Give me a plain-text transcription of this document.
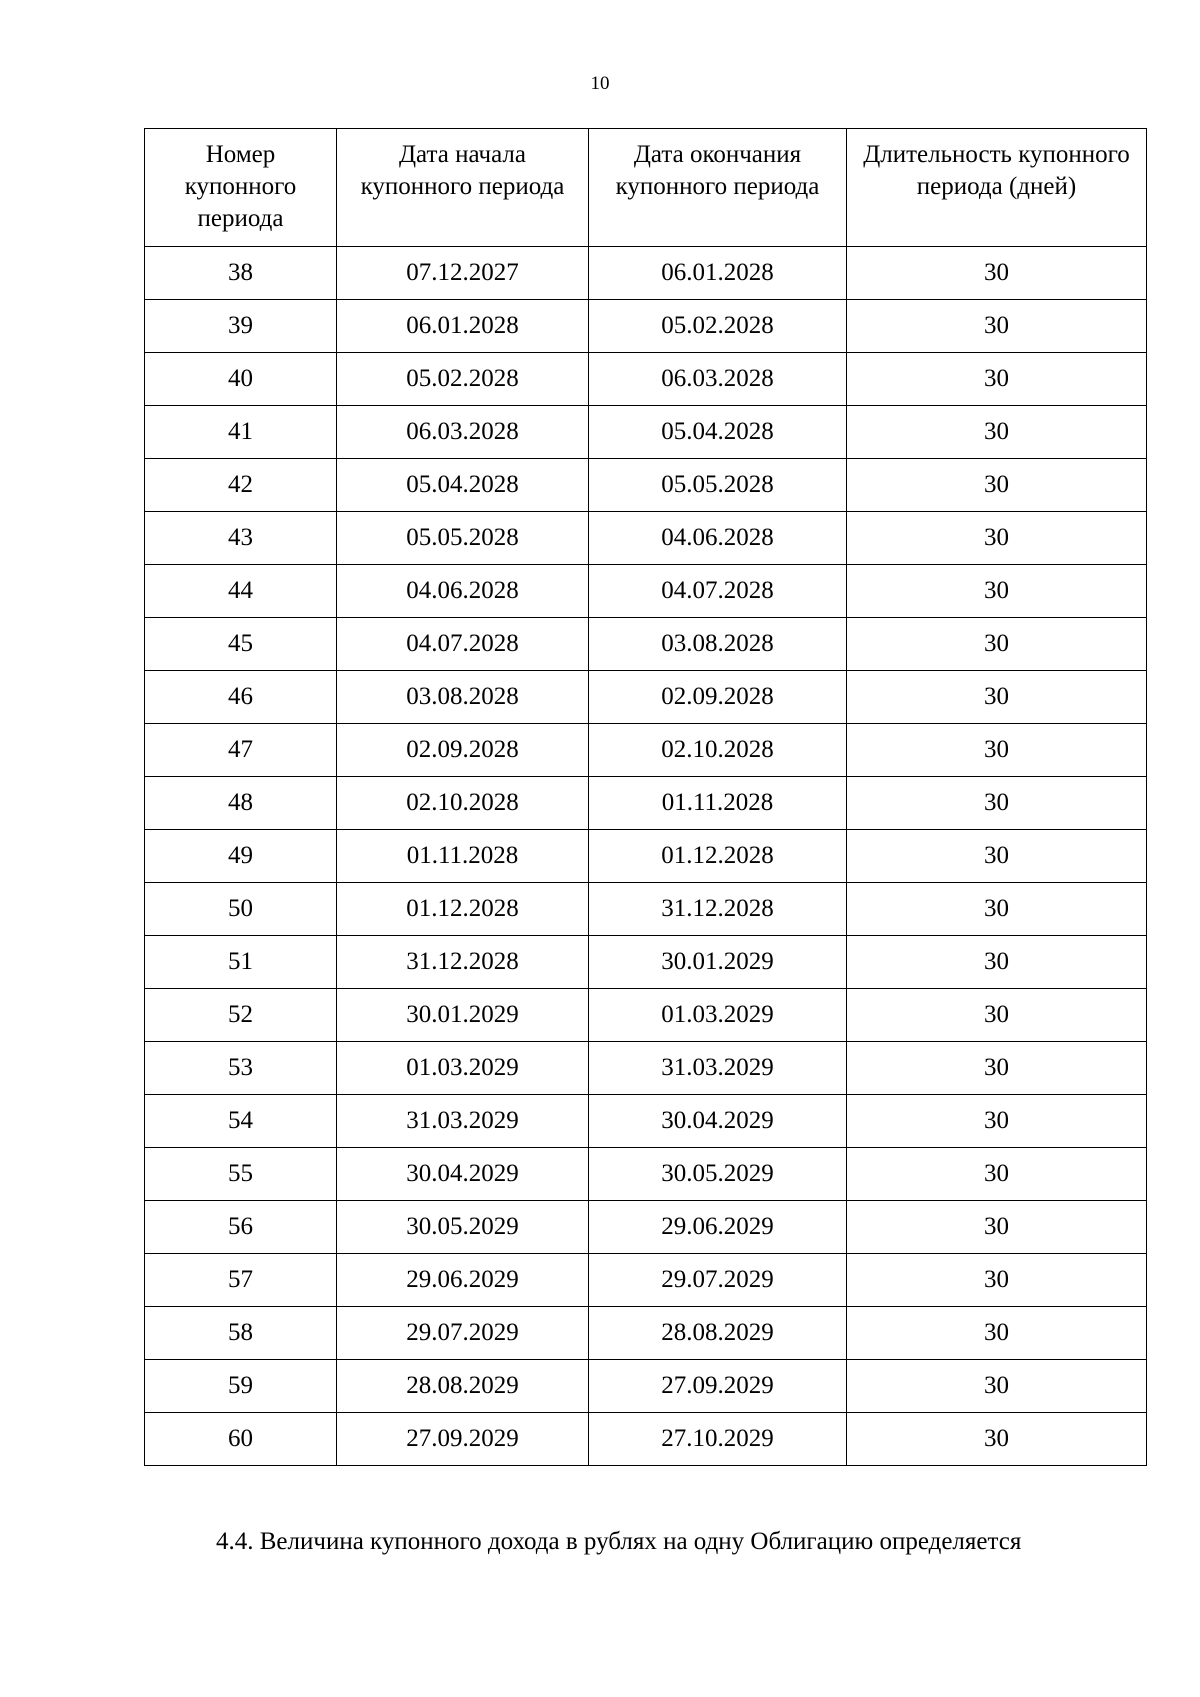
10
Номер купонного периода	Дата начала купонного периода	Дата окончания купонного периода	Длительность купонного периода (дней)
38	07.12.2027	06.01.2028	30
39	06.01.2028	05.02.2028	30
40	05.02.2028	06.03.2028	30
41	06.03.2028	05.04.2028	30
42	05.04.2028	05.05.2028	30
43	05.05.2028	04.06.2028	30
44	04.06.2028	04.07.2028	30
45	04.07.2028	03.08.2028	30
46	03.08.2028	02.09.2028	30
47	02.09.2028	02.10.2028	30
48	02.10.2028	01.11.2028	30
49	01.11.2028	01.12.2028	30
50	01.12.2028	31.12.2028	30
51	31.12.2028	30.01.2029	30
52	30.01.2029	01.03.2029	30
53	01.03.2029	31.03.2029	30
54	31.03.2029	30.04.2029	30
55	30.04.2029	30.05.2029	30
56	30.05.2029	29.06.2029	30
57	29.06.2029	29.07.2029	30
58	29.07.2029	28.08.2029	30
59	28.08.2029	27.09.2029	30
60	27.09.2029	27.10.2029	30
4.4. Величина купонного дохода в рублях на одну Облигацию определяется
